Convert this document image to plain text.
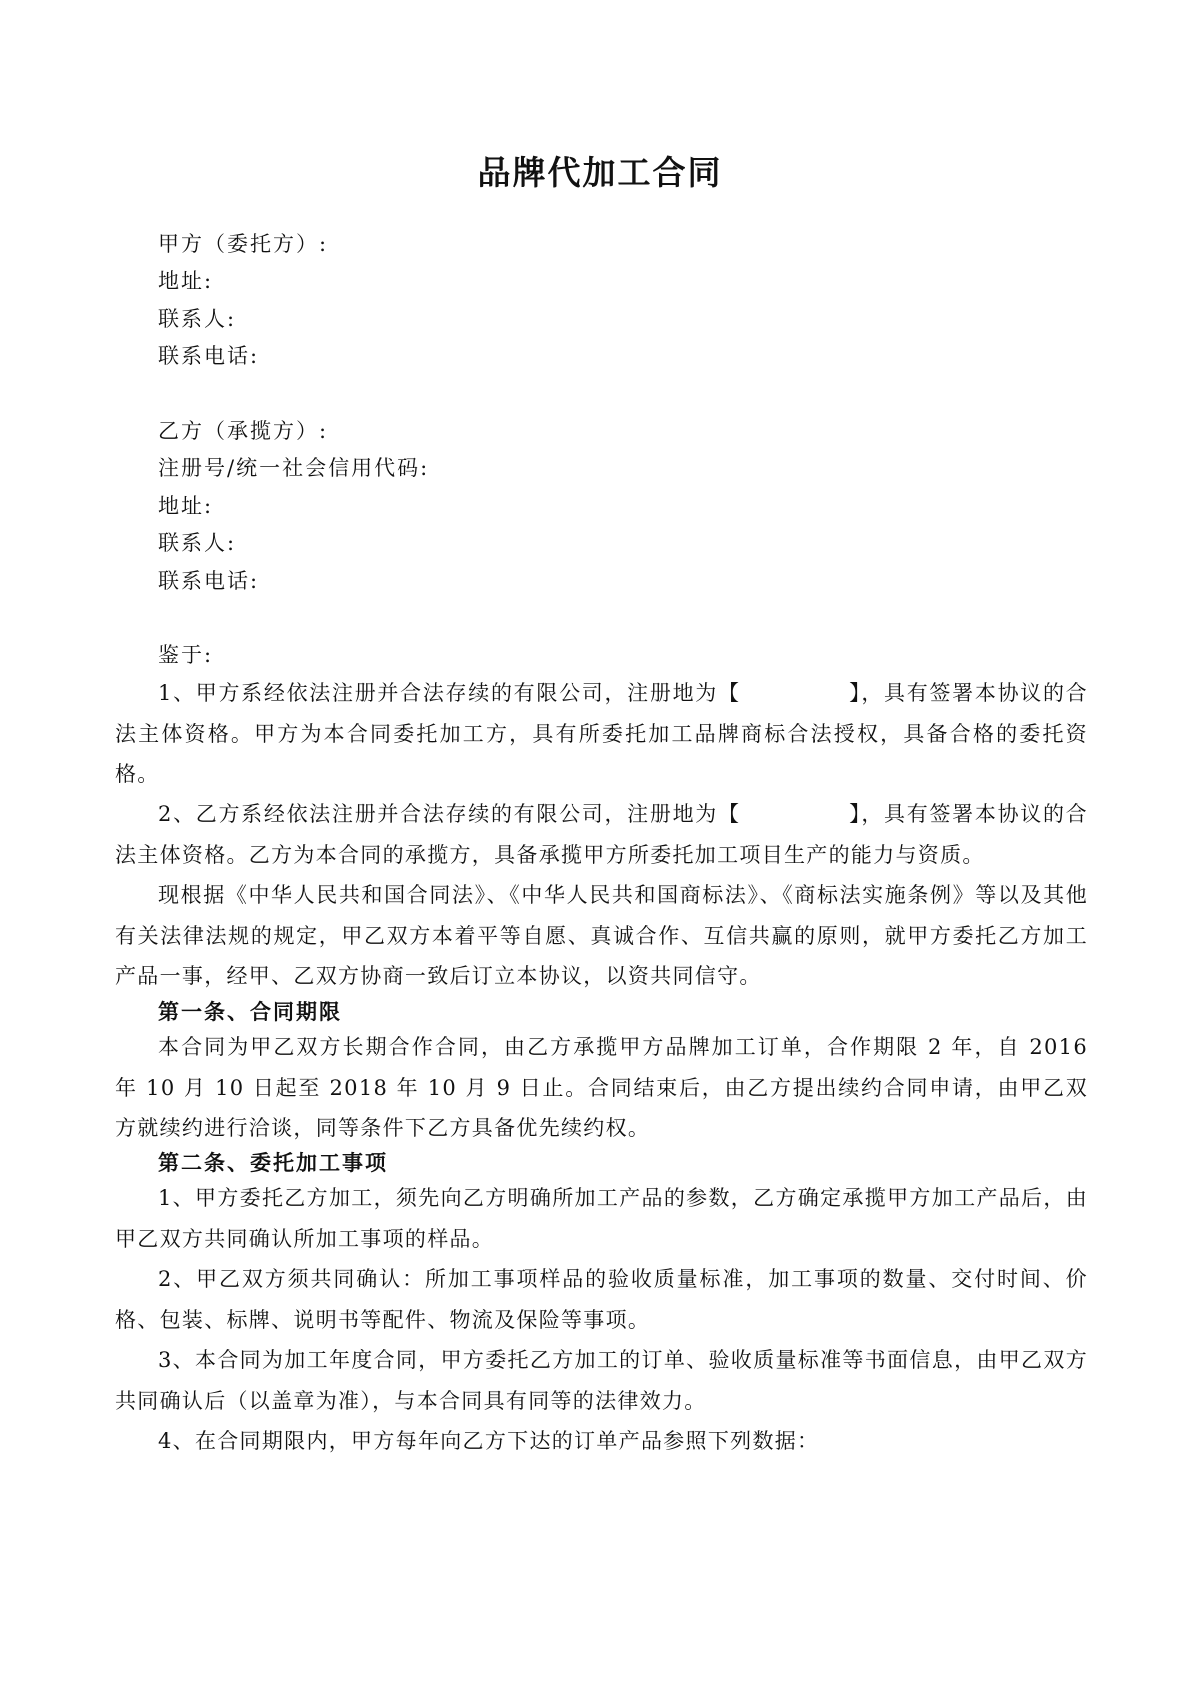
品牌代加工合同
甲方（委托方）:
地址:
联系人:
联系电话:
乙方（承揽方）:
注册号/统一社会信用代码:
地址:
联系人:
联系电话:
鉴于:

1、甲方系经依法注册并合法存续的有限公司，注册地为【	】，具有签署本协议的合法主体资格。甲方为本合同委托加工方，具有所委托加工品牌商标合法授权，具备合格的委托资格。

2、乙方系经依法注册并合法存续的有限公司，注册地为【	】，具有签署本协议的合法主体资格。乙方为本合同的承揽方，具备承揽甲方所委托加工项目生产的能力与资质。

现根据《中华人民共和国合同法》、《中华人民共和国商标法》、《商标法实施条例》等以及其他有关法律法规的规定，甲乙双方本着平等自愿、真诚合作、互信共赢的原则，就甲方委托乙方加工产品一事，经甲、乙双方协商一致后订立本协议，以资共同信守。

第一条、合同期限

本合同为甲乙双方长期合作合同，由乙方承揽甲方品牌加工订单，合作期限 2 年，自 2016 年 10 月 10 日起至 2018 年 10 月 9 日止。合同结束后，由乙方提出续约合同申请，由甲乙双方就续约进行洽谈，同等条件下乙方具备优先续约权。

第二条、委托加工事项

1、甲方委托乙方加工，须先向乙方明确所加工产品的参数，乙方确定承揽甲方加工产品后，由甲乙双方共同确认所加工事项的样品。

2、甲乙双方须共同确认：所加工事项样品的验收质量标准，加工事项的数量、交付时间、价格、包装、标牌、说明书等配件、物流及保险等事项。

3、本合同为加工年度合同，甲方委托乙方加工的订单、验收质量标准等书面信息，由甲乙双方共同确认后（以盖章为准），与本合同具有同等的法律效力。

4、在合同期限内，甲方每年向乙方下达的订单产品参照下列数据：
